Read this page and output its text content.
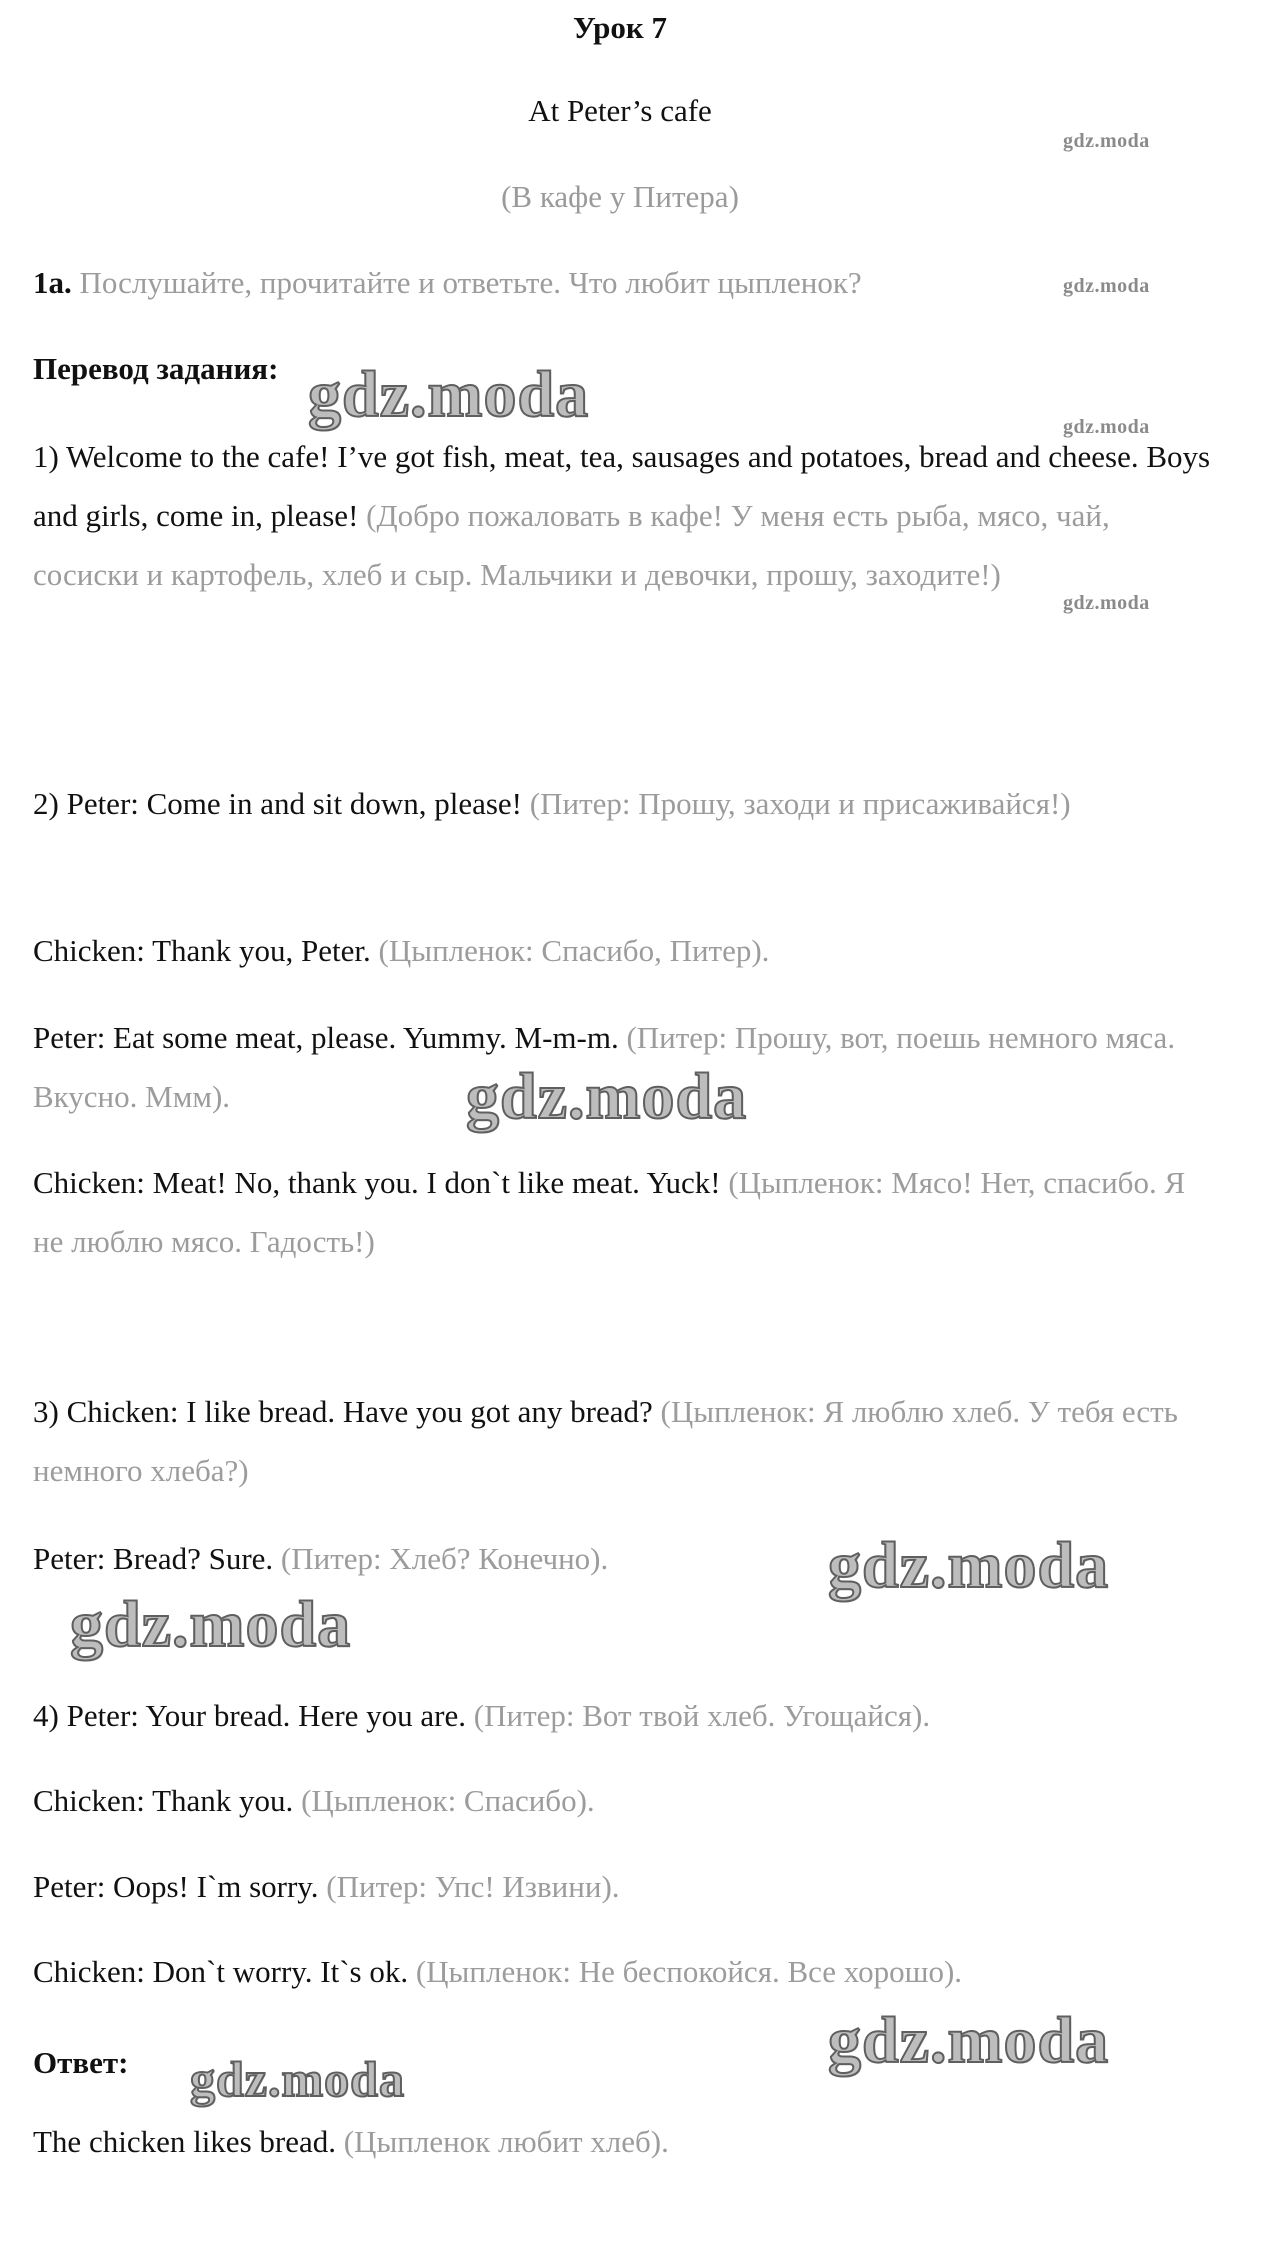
Урок 7
At Peter’s cafe
(В кафе у Питера)
1a. Послушайте, прочитайте и ответьте. Что любит цыпленок?
Перевод задания:
1) Welcome to the cafe! I’ve got fish, meat, tea, sausages and potatoes, bread and cheese. Boys and girls, come in, please! (Добро пожаловать в кафе! У меня есть рыба, мясо, чай, сосиски и картофель, хлеб и сыр. Мальчики и девочки, прошу, заходите!)
2) Peter: Come in and sit down, please! (Питер: Прошу, заходи и присаживайся!)
Chicken: Thank you, Peter. (Цыпленок: Спасибо, Питер).
Peter: Eat some meat, please. Yummy. M-m-m. (Питер: Прошу, вот, поешь немного мяса. Вкусно. Ммм).
Chicken: Meat! No, thank you. I don`t like meat. Yuck! (Цыпленок: Мясо! Нет, спасибо. Я не люблю мясо. Гадость!)
3) Chicken: I like bread. Have you got any bread? (Цыпленок: Я люблю хлеб. У тебя есть немного хлеба?)
Peter: Bread? Sure. (Питер: Хлеб? Конечно).
4) Peter: Your bread. Here you are. (Питер: Вот твой хлеб. Угощайся).
Chicken: Thank you. (Цыпленок: Спасибо).
Peter: Oops! I`m sorry. (Питер: Упс! Извини).
Chicken: Don`t worry. It`s ok. (Цыпленок: Не беспокойся. Все хорошо).
Ответ:
The chicken likes bread. (Цыпленок любит хлеб).
gdz.moda
gdz.moda
gdz.moda
gdz.moda
gdz.moda
gdz.moda
gdz.moda
gdz.moda
gdz.moda
gdz.moda
